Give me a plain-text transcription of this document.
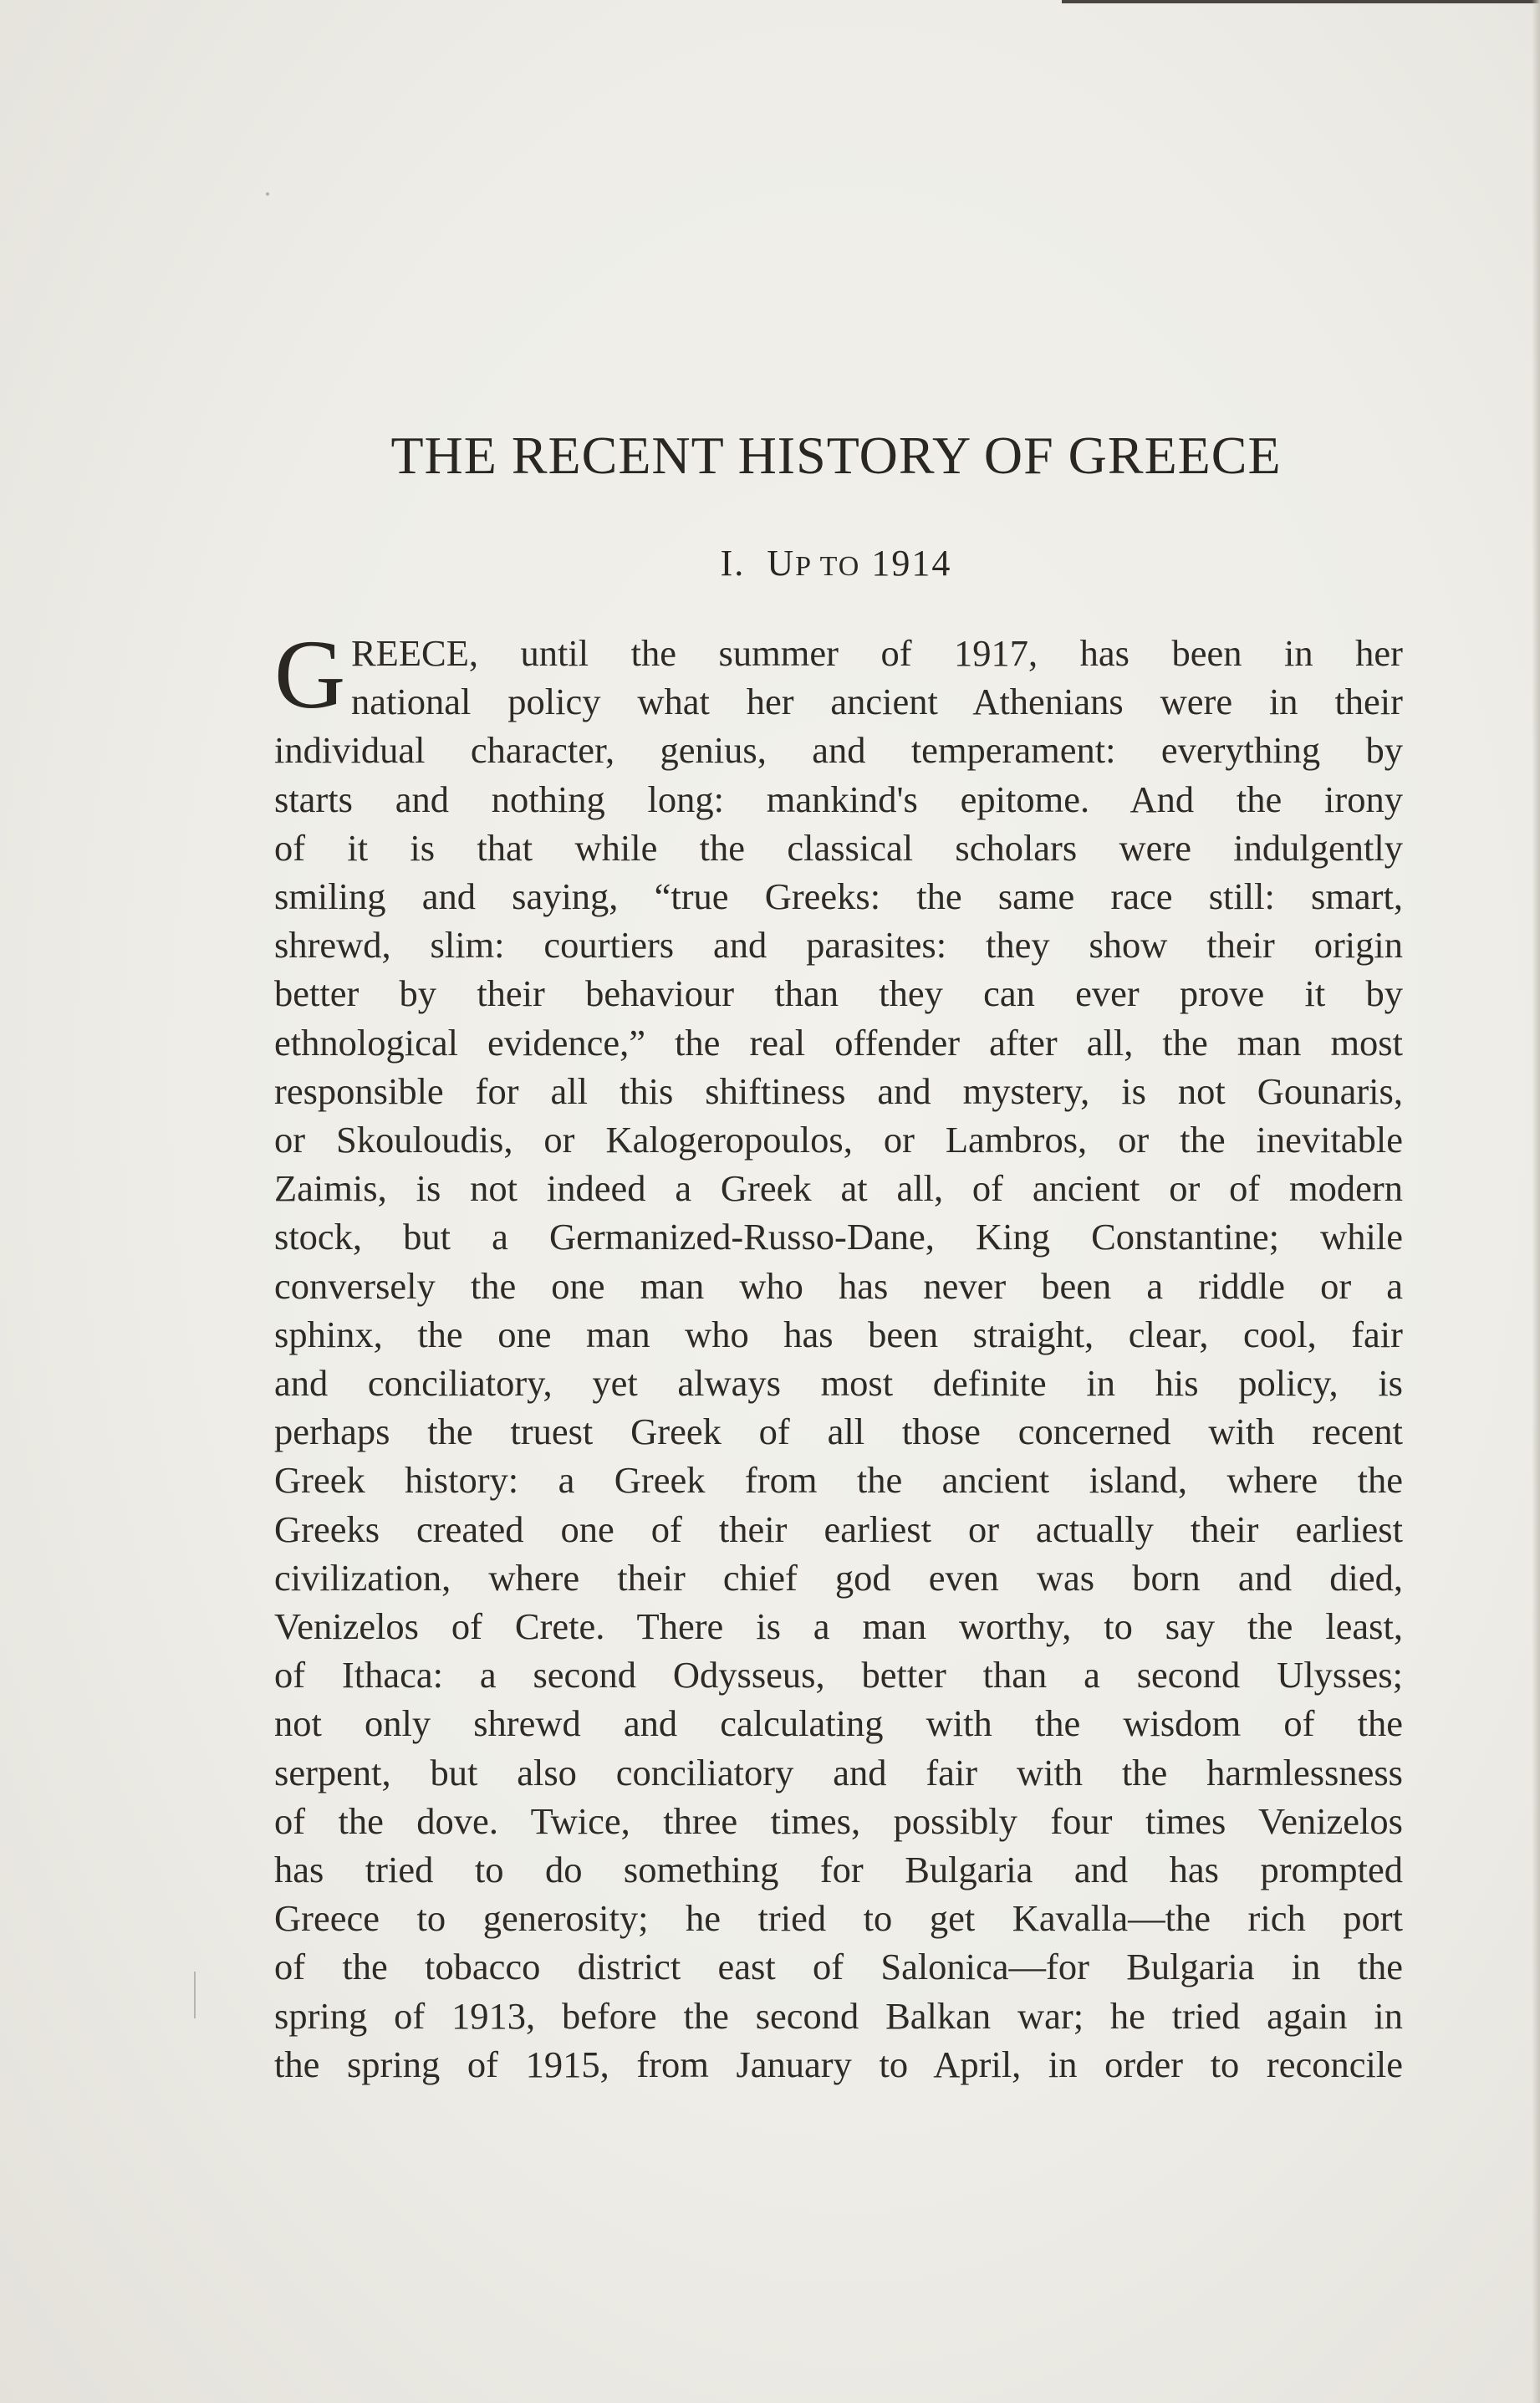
THE RECENT HISTORY OF GREECE
I. UP TO 1914
G REECE, until the summer of 1917, has been in her
national policy what her ancient Athenians were in their
individual character, genius, and temperament: everything by
starts and nothing long: mankind's epitome. And the irony
of it is that while the classical scholars were indulgently
smiling and saying, “true Greeks: the same race still: smart,
shrewd, slim: courtiers and parasites: they show their origin
better by their behaviour than they can ever prove it by
ethnological evidence,” the real offender after all, the man most
responsible for all this shiftiness and mystery, is not Gounaris,
or Skouloudis, or Kalogeropoulos, or Lambros, or the inevitable
Zaimis, is not indeed a Greek at all, of ancient or of modern
stock, but a Germanized-Russo-Dane, King Constantine; while
conversely the one man who has never been a riddle or a
sphinx, the one man who has been straight, clear, cool, fair
and conciliatory, yet always most definite in his policy, is
perhaps the truest Greek of all those concerned with recent
Greek history: a Greek from the ancient island, where the
Greeks created one of their earliest or actually their earliest
civilization, where their chief god even was born and died,
Venizelos of Crete. There is a man worthy, to say the least,
of Ithaca: a second Odysseus, better than a second Ulysses;
not only shrewd and calculating with the wisdom of the
serpent, but also conciliatory and fair with the harmlessness
of the dove. Twice, three times, possibly four times Venizelos
has tried to do something for Bulgaria and has prompted
Greece to generosity; he tried to get Kavalla—the rich port
of the tobacco district east of Salonica—for Bulgaria in the
spring of 1913, before the second Balkan war; he tried again in
the spring of 1915, from January to April, in order to reconcile
